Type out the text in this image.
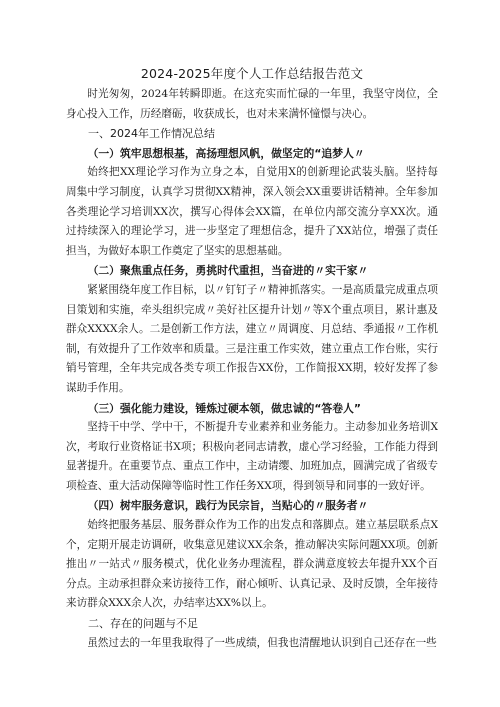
2024-2025年度个人工作总结报告范文

时光匆匆，2024年转瞬即逝。在这充实而忙碌的一年里，我坚守岗位，全身心投入工作，历经磨砺，收获成长，也对未来满怀憧憬与决心。

一、2024年工作情况总结
（一）筑牢思想根基，高扬理想风帆，做坚定的“追梦人〃

始终把XX理论学习作为立身之本，自觉用X的创新理论武装头脑。坚持每周集中学习制度，认真学习贯彻XX精神，深入领会XX重要讲话精神。全年参加各类理论学习培训XX次，撰写心得体会XX篇，在单位内部交流分享XX次。通过持续深入的理论学习，进一步坚定了理想信念，提升了XX站位，增强了责任担当，为做好本职工作奠定了坚实的思想基础。

（二）聚焦重点任务，勇挑时代重担，当奋进的〃实干家〃

紧紧围绕年度工作目标，以〃钉钉子〃精神抓落实。一是高质量完成重点项目策划和实施，牵头组织完成〃美好社区提升计划〃等X个重点项目，累计惠及群众XXXX余人。二是创新工作方法，建立〃周调度、月总结、季通报〃工作机制，有效提升了工作效率和质量。三是注重工作实效，建立重点工作台账，实行销号管理，全年共完成各类专项工作报告XX份，工作简报XX期，较好发挥了参谋助手作用。

（三）强化能力建设，锤炼过硬本领，做忠诚的“答卷人”

坚持干中学、学中干，不断提升专业素养和业务能力。主动参加业务培训X次，考取行业资格证书X项；积极向老同志请教，虚心学习经验，工作能力得到显著提升。在重要节点、重点工作中，主动请缨、加班加点，圆满完成了省级专项检查、重大活动保障等临时性工作任务XX项，得到领导和同事的一致好评。

（四）树牢服务意识，践行为民宗旨，当贴心的〃服务者〃

始终把服务基层、服务群众作为工作的出发点和落脚点。建立基层联系点X个，定期开展走访调研，收集意见建议XX余条，推动解决实际问题XX项。创新推出〃一站式〃服务模式，优化业务办理流程，群众满意度较去年提升XX个百分点。主动承担群众来访接待工作，耐心倾听、认真记录、及时反馈，全年接待来访群众XXX余人次，办结率达XX%以上。

二、存在的问题与不足

虽然过去的一年里我取得了一些成绩，但我也清醒地认识到自己还存在一些
